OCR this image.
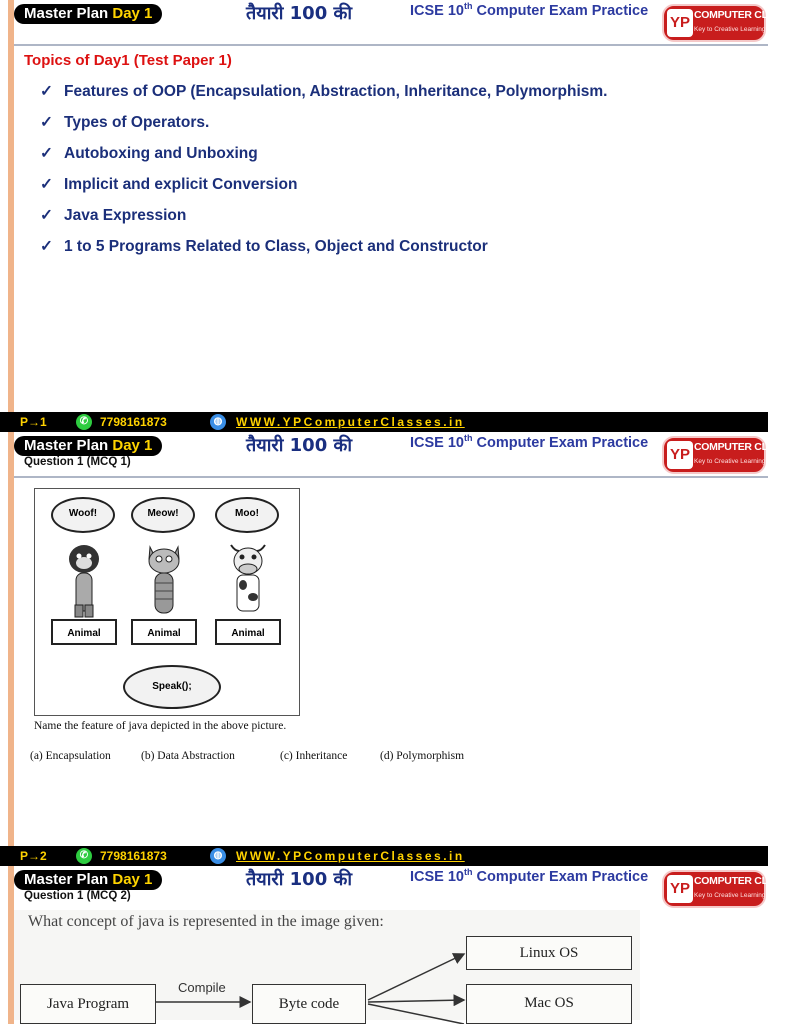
Master Plan Day 1	तैयारी 100 की	ICSE 10th Computer Exam Practice
YP COMPUTER CLASSES
Key to Creative Learning
Topics of Day1 (Test Paper 1)
✓ Features of OOP (Encapsulation, Abstraction, Inheritance, Polymorphism.
✓ Types of Operators.
✓ Autoboxing and Unboxing
✓ Implicit and explicit Conversion
✓ Java Expression
✓ 1 to 5 Programs Related to Class, Object and Constructor
P→1	✆ 7798161873	◍	WWW.YPComputerClasses.in
Master Plan Day 1	तैयारी 100 की	ICSE 10th Computer Exam Practice
YP COMPUTER CLASSES
Key to Creative Learning
Question 1 (MCQ 1)
Woof!
Animal
Meow!
Animal
Moo!
Animal
Speak();
Name the feature of java depicted in the above picture.
(a) Encapsulation	(b) Data Abstraction	(c) Inheritance	(d) Polymorphism
P→2	✆ 7798161873	◍	WWW.YPComputerClasses.in
Master Plan Day 1	तैयारी 100 की	ICSE 10th Computer Exam Practice
YP COMPUTER CLASSES
Key to Creative Learning
Question 1 (MCQ 2)
What concept of java is represented in the image given:
Java Program
Compile
Byte code
Linux OS
Mac OS
